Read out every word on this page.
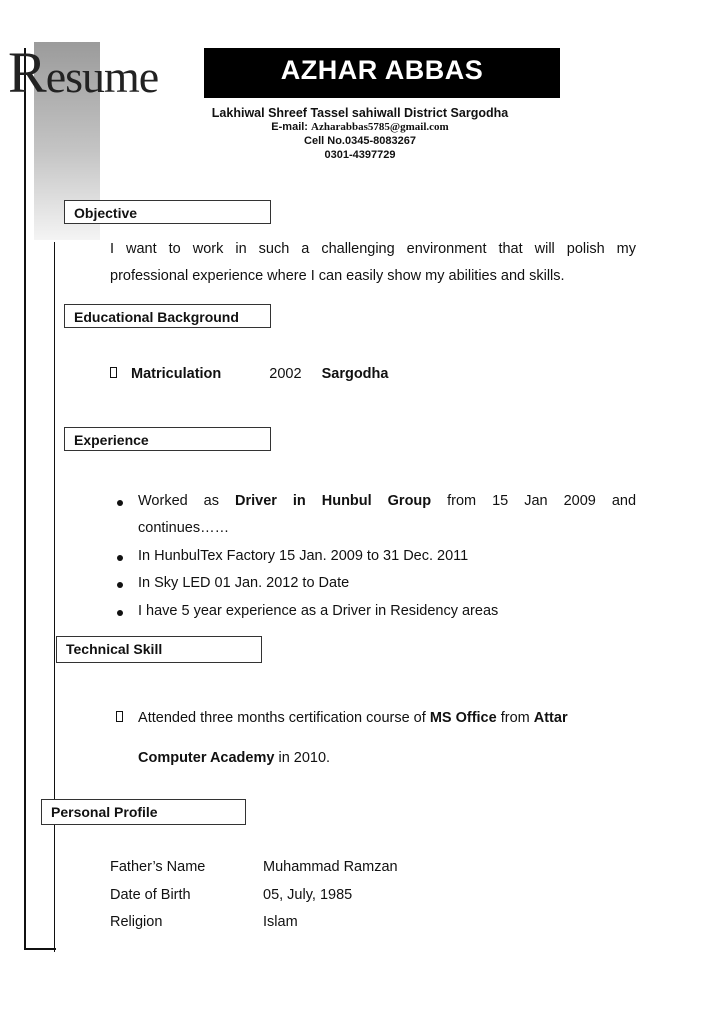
Resume	AZHAR ABBAS
Lakhiwal Shreef Tassel sahiwall District Sargodha
E-mail: Azharabbas5785@gmail.com
Cell No.0345-8083267
0301-4397729
Objective
I want to work in such a challenging environment that will polish my
professional experience where I can easily show my abilities and skills.
Educational Background
Matriculation	2002 Sargodha
Experience
Worked as Driver in Hunbul Group from 15 Jan 2009 and
continues……
In HunbulTex Factory 15 Jan. 2009 to 31 Dec. 2011
In Sky LED 01 Jan. 2012 to Date
I have 5 year experience as a Driver in Residency areas
Technical Skill
Attended three months certification course of MS Office from Attar
Computer Academy in 2010.
Personal Profile
Father’s Name	Muhammad Ramzan
Date of Birth	05, July, 1985
Religion	Islam
